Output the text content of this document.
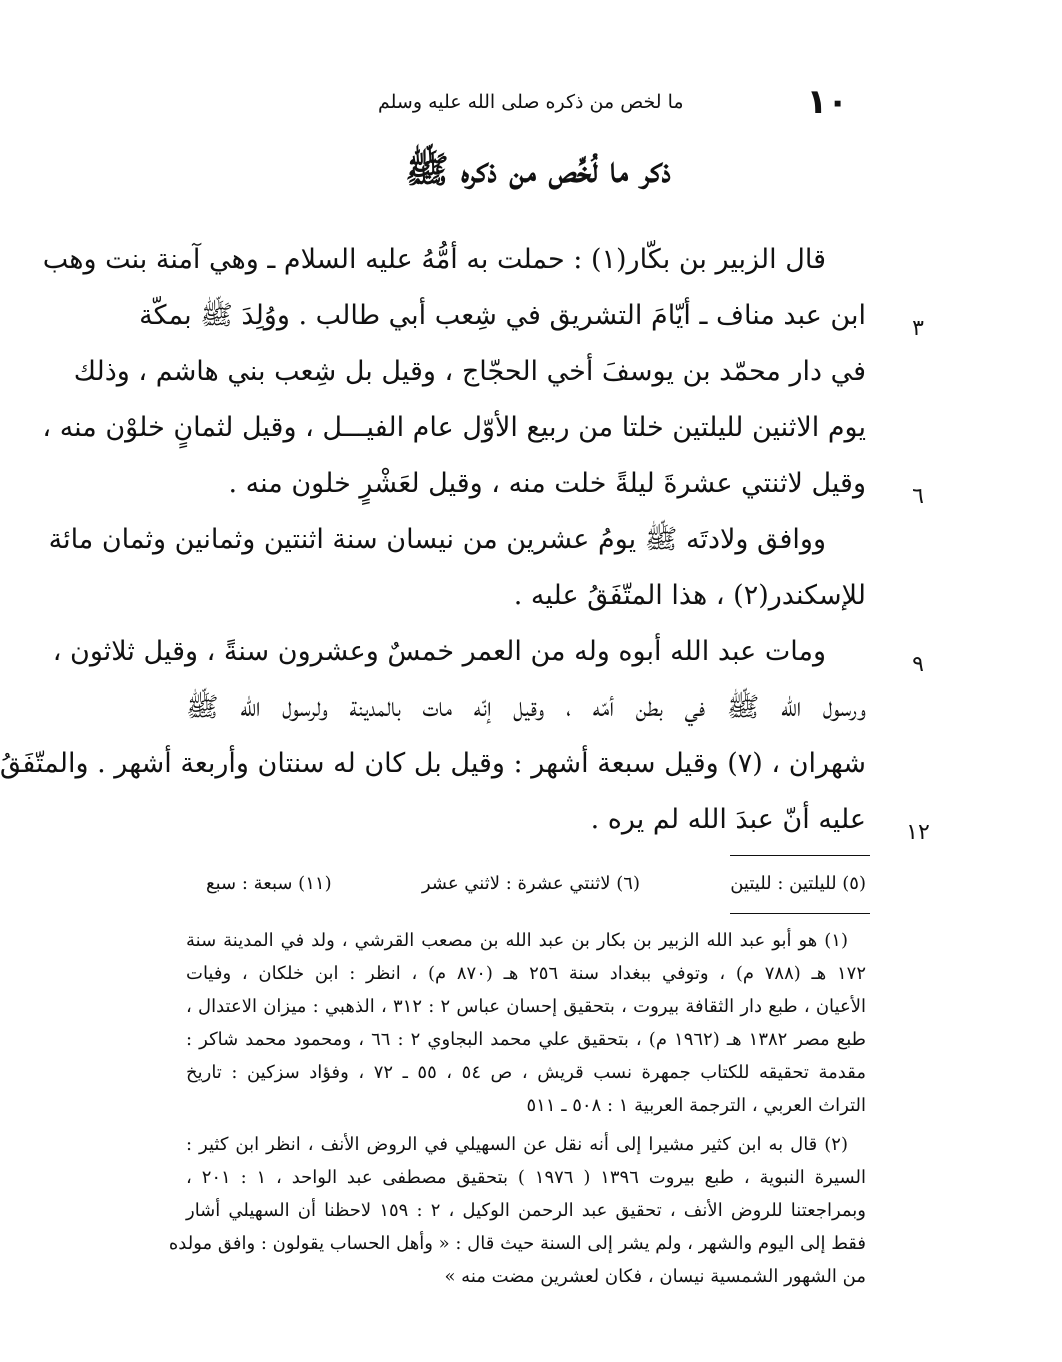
١٠
ما لخص من ذكره صلى الله عليه وسلم
ذكر ما لُخِّص من ذكره ﷺ
قال الزبير بن بكّار(١) : حملت به أمُّهُ عليه السلام ـ وهي آمنة بنت وهب
ابن عبد مناف ـ أيّامَ التشريق في شِعب أبي طالب . ووُلِدَ ﷺ بمكّة
في دار محمّد بن يوسفَ أخي الحجّاج ، وقيل بل شِعب بني هاشم ، وذلك
يوم الاثنين لليلتين خلتا من ربيع الأوّل عام الفيـــل ، وقيل لثمانٍ خلوْن منه ،
وقيل لاثنتي عشرةَ ليلةً خلت منه ، وقيل لعَشْرٍ خلون منه .
ووافق ولادتَه ﷺ يومُ عشرين من نيسان سنة اثنتين وثمانين وثمان مائة
للإسكندر(٢) ، هذا المتّفَقُ عليه .
ومات عبد الله أبوه وله من العمر خمسٌ وعشرون سنةً ، وقيل ثلاثون ،
ورسول الله ﷺ في بطن أمّه ، وقيل إنّه مات بالمدينة ولرسول الله ﷺ
شهران ، (٧) وقيل سبعة أشهر : وقيل بل كان له سنتان وأربعة أشهر . والمتّفَقُ
عليه أنّ عبدَ الله لم يره .
٣
٦
٩
١٢
(٥) لليلتين : لليتين
(٦) لاثنتي عشرة : لاثني عشر
(١١) سبعة : سبع
(١) هو أبو عبد الله الزبير بن بكار بن عبد الله بن مصعب القرشي ، ولد في المدينة سنة
١٧٢ هـ (٧٨٨ م) ، وتوفي ببغداد سنة ٢٥٦ هـ (٨٧٠ م) ، انظر : ابن خلكان ، وفيات
الأعيان ، طبع دار الثقافة بيروت ، بتحقيق إحسان عباس ٢ : ٣١٢ ، الذهبي : ميزان الاعتدال ،
طبع مصر ١٣٨٢ هـ (١٩٦٢ م) ، بتحقيق علي محمد البجاوي ٢ : ٦٦ ، ومحمود محمد شاكر :
مقدمة تحقيقه للكتاب جمهرة نسب قريش ، ص ٥٤ ، ٥٥ ـ ٧٢ ، وفؤاد سزكين : تاريخ
التراث العربي ، الترجمة العربية ١ : ٥٠٨ ـ ٥١١
(٢) قال به ابن كثير مشيرا إلى أنه نقل عن السهيلي في الروض الأنف ، انظر ابن كثير :
السيرة النبوية ، طبع بيروت ١٣٩٦ ( ١٩٧٦ ) بتحقيق مصطفى عبد الواحد ، ١ : ٢٠١ ،
وبمراجعتنا للروض الأنف ، تحقيق عبد الرحمن الوكيل ، ٢ : ١٥٩ لاحظنا أن السهيلي أشار
فقط إلى اليوم والشهر ، ولم يشر إلى السنة حيث قال : « وأهل الحساب يقولون : وافق مولده
من الشهور الشمسية نيسان ، فكان لعشرين مضت منه »
